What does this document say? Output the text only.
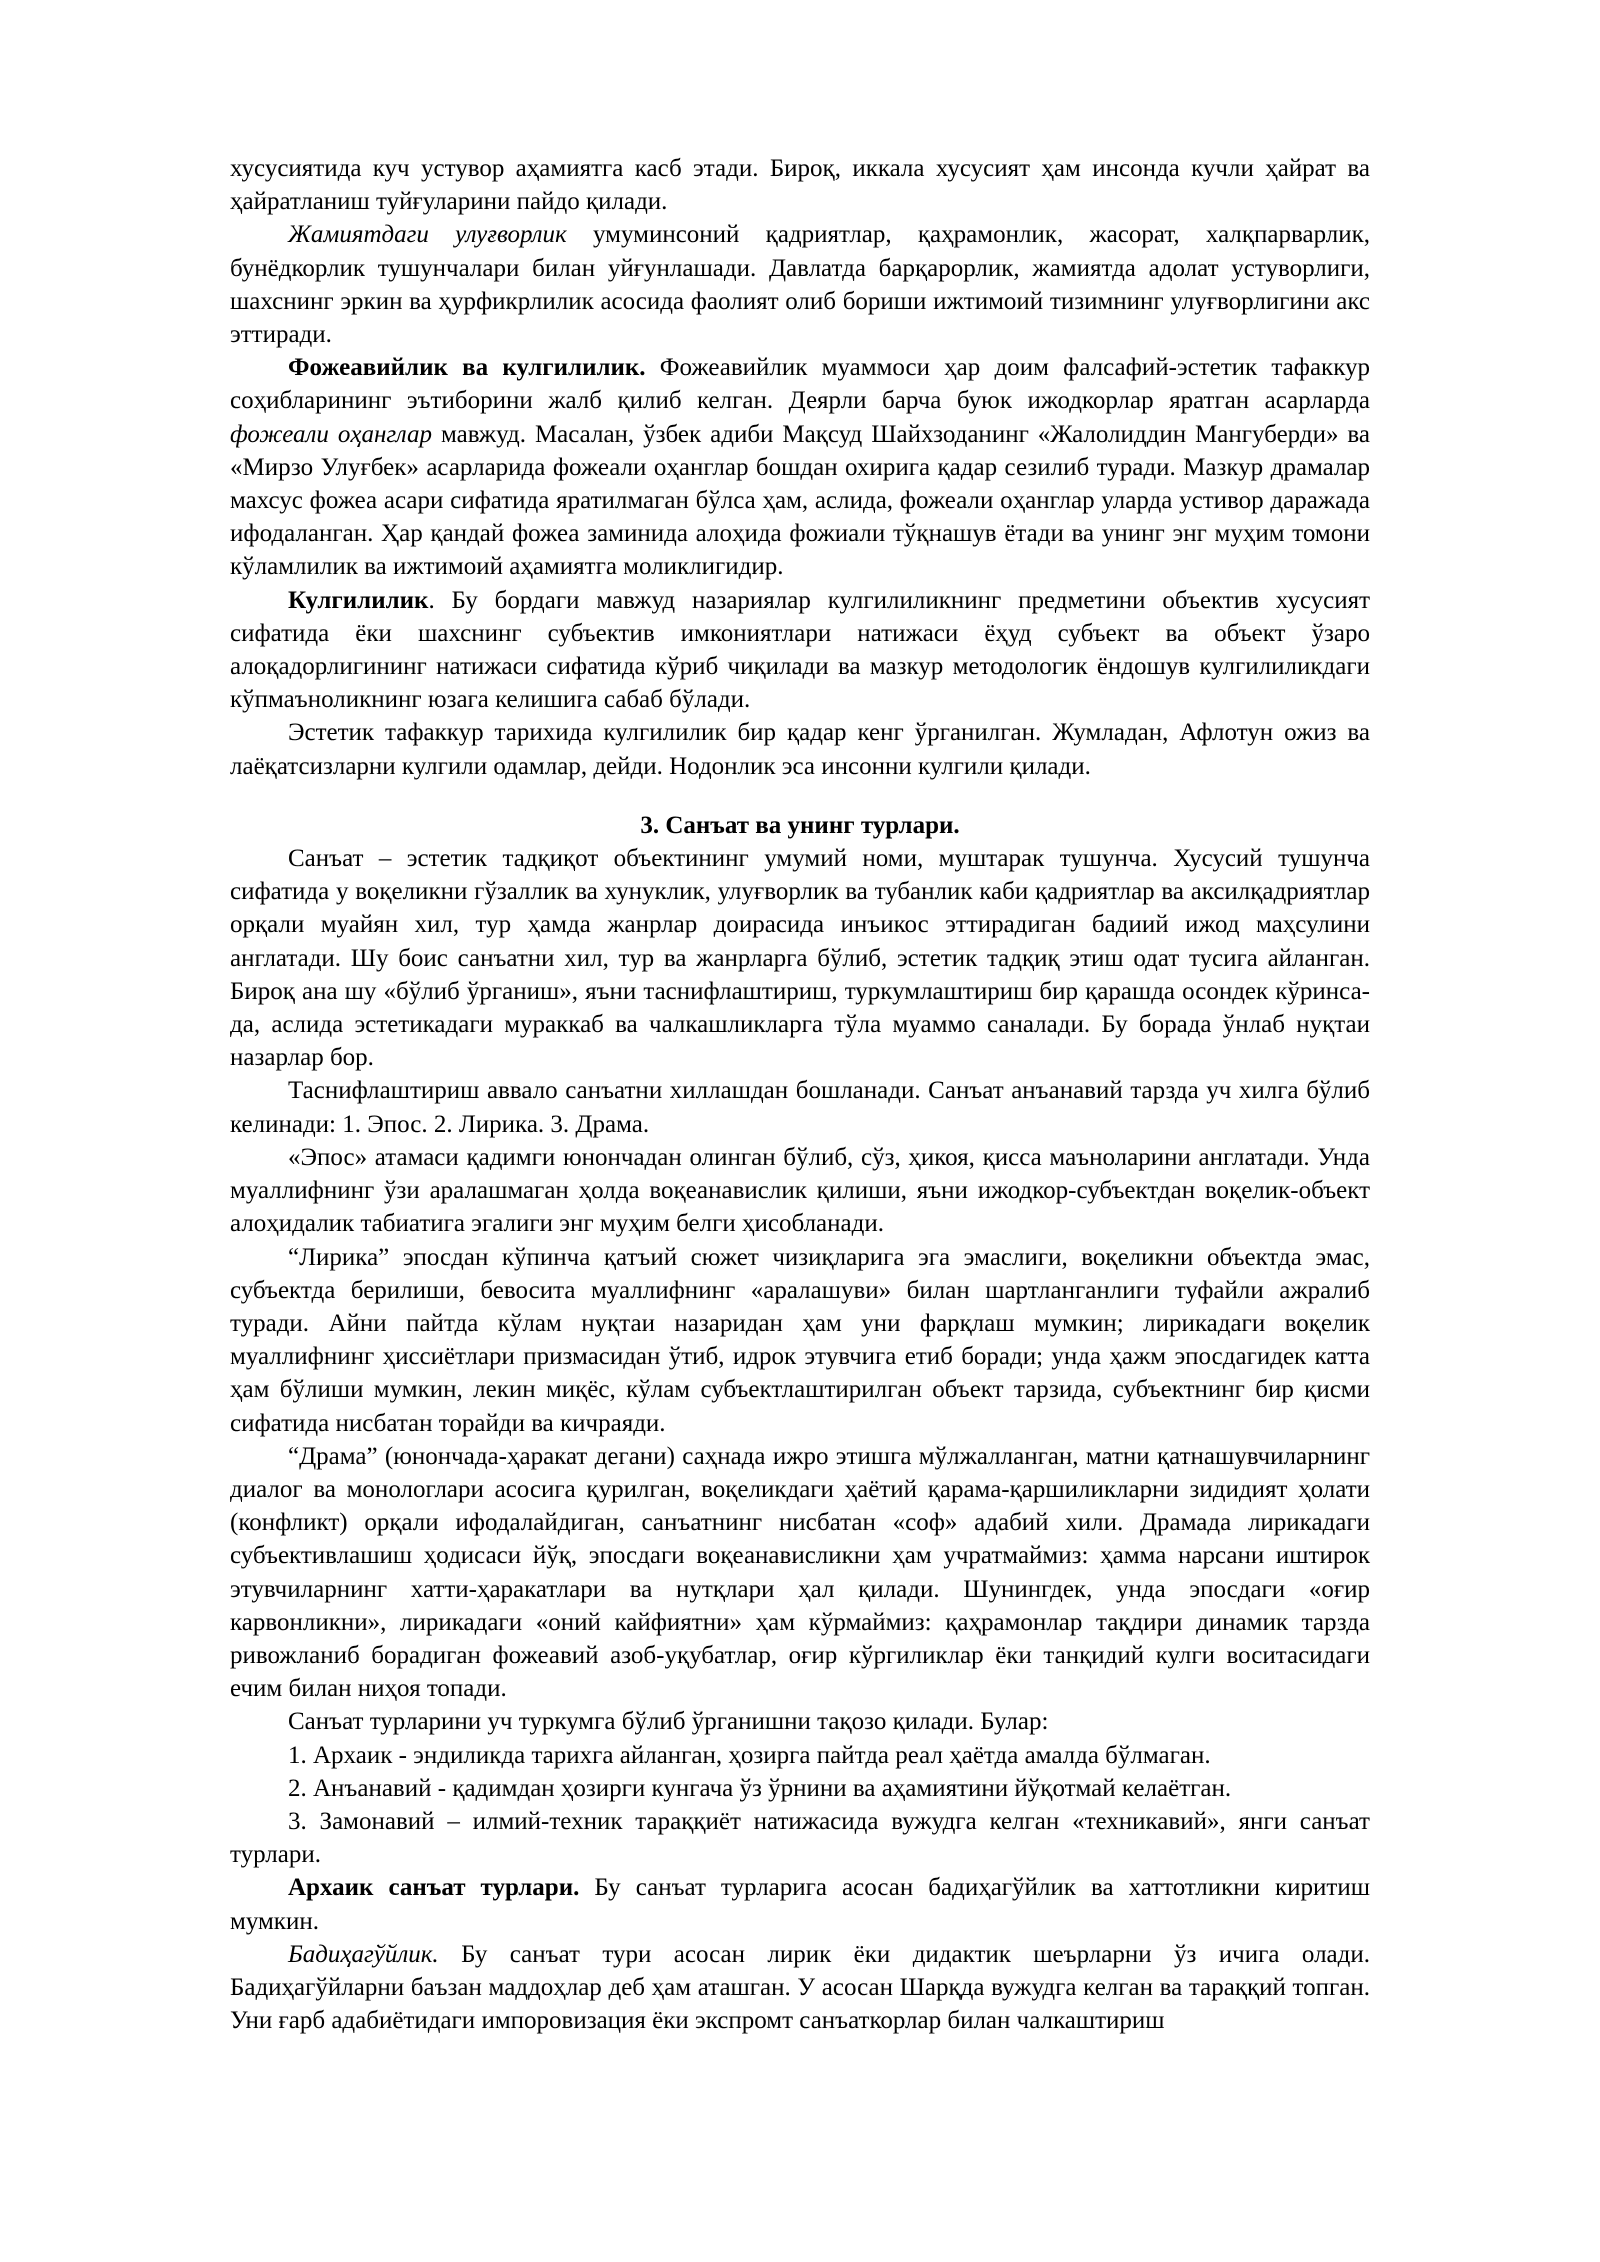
хусусиятида куч устувор аҳамиятга касб этади. Бироқ, иккала хусусият ҳам инсонда кучли ҳайрат ва ҳайратланиш туйғуларини пайдо қилади.

Жамиятдаги улуғворлик умуминсоний қадриятлар, қаҳрамонлик, жасорат, халқпарварлик, бунёдкорлик тушунчалари билан уйғунлашади. Давлатда барқарорлик, жамиятда адолат устуворлиги, шахснинг эркин ва ҳурфикрлилик асосида фаолият олиб бориши ижтимоий тизимнинг улуғворлигини акс эттиради.

Фожеавийлик ва кулгилилик. Фожеавийлик муаммоси ҳар доим фалсафий-эстетик тафаккур соҳибларининг эътиборини жалб қилиб келган. Деярли барча буюк ижодкорлар яратган асарларда фожеали оҳанглар мавжуд. Масалан, ўзбек адиби Мақсуд Шайхзоданинг «Жалолиддин Мангуберди» ва «Мирзо Улуғбек» асарларида фожеали оҳанглар бошдан охирига қадар сезилиб туради. Мазкур драмалар махсус фожеа асари сифатида яратилмаган бўлса ҳам, аслида, фожеали оҳанглар уларда устивор даражада ифодаланган. Ҳар қандай фожеа заминида алоҳида фожиали тўқнашув ётади ва унинг энг муҳим томони кўламлилик ва ижтимоий аҳамиятга моликлигидир.

Кулгилилик. Бу бордаги мавжуд назариялар кулгилиликнинг предметини объектив хусусият сифатида ёки шахснинг субъектив имкониятлари натижаси ёҳуд субъект ва объект ўзаро алоқадорлигининг натижаси сифатида кўриб чиқилади ва мазкур методологик ёндошув кулгилиликдаги кўпмаъноликнинг юзага келишига сабаб бўлади.

Эстетик тафаккур тарихида кулгилилик бир қадар кенг ўрганилган. Жумладан, Афлотун ожиз ва лаёқатсизларни кулгили одамлар, дейди. Нодонлик эса инсонни кулгили қилади.

3. Санъат ва унинг турлари.

Санъат – эстетик тадқиқот объектининг умумий номи, муштарак тушунча. Хусусий тушунча сифатида у воқеликни гўзаллик ва хунуклик, улуғворлик ва тубанлик каби қадриятлар ва аксилқадриятлар орқали муайян хил, тур ҳамда жанрлар доирасида инъикос эттирадиган бадиий ижод маҳсулини англатади. Шу боис санъатни хил, тур ва жанрларга бўлиб, эстетик тадқиқ этиш одат тусига айланган. Бироқ ана шу «бўлиб ўрганиш», яъни таснифлаштириш, туркумлаштириш бир қарашда осондек кўринса-да, аслида эстетикадаги мураккаб ва чалкашликларга тўла муаммо саналади. Бу борада ўнлаб нуқтаи назарлар бор.

Таснифлаштириш аввало санъатни хиллашдан бошланади. Санъат анъанавий тарзда уч хилга бўлиб келинади: 1. Эпос. 2. Лирика. 3. Драма.

«Эпос» атамаси қадимги юнончадан олинган бўлиб, сўз, ҳикоя, қисса маъноларини англатади. Унда муаллифнинг ўзи аралашмаган ҳолда воқеанавислик қилиши, яъни ижодкор-субъектдан воқелик-объект алоҳидалик табиатига эгалиги энг муҳим белги ҳисобланади.

“Лирика” эпосдан кўпинча қатъий сюжет чизиқларига эга эмаслиги, воқеликни объектда эмас, субъектда берилиши, бевосита муаллифнинг «аралашуви» билан шартланганлиги туфайли ажралиб туради. Айни пайтда кўлам нуқтаи назаридан ҳам уни фарқлаш мумкин; лирикадаги воқелик муаллифнинг ҳиссиётлари призмасидан ўтиб, идрок этувчига етиб боради; унда ҳажм эпосдагидек катта ҳам бўлиши мумкин, лекин миқёс, кўлам субъектлаштирилган объект тарзида, субъектнинг бир қисми сифатида нисбатан торайди ва кичраяди.

“Драма” (юнончада-ҳаракат дегани) саҳнада ижро этишга мўлжалланган, матни қатнашувчиларнинг диалог ва монологлари асосига қурилган, воқеликдаги ҳаётий қарама-қаршиликларни зидидият ҳолати (конфликт) орқали ифодалайдиган, санъатнинг нисбатан «соф» адабий хили. Драмада лирикадаги субъективлашиш ҳодисаси йўқ, эпосдаги воқеанависликни ҳам учратмаймиз: ҳамма нарсани иштирок этувчиларнинг хатти-ҳаракатлари ва нутқлари ҳал қилади. Шунингдек, унда эпосдаги «оғир карвонликни», лирикадаги «оний кайфиятни» ҳам кўрмаймиз: қаҳрамонлар тақдири динамик тарзда ривожланиб борадиган фожеавий азоб-уқубатлар, оғир кўргиликлар ёки танқидий кулги воситасидаги ечим билан ниҳоя топади.

Санъат турларини уч туркумга бўлиб ўрганишни тақозо қилади. Булар:

1. Архаик - эндиликда тарихга айланган, ҳозирга пайтда реал ҳаётда амалда бўлмаган.

2. Анъанавий - қадимдан ҳозирги кунгача ўз ўрнини ва аҳамиятини йўқотмай келаётган.

3. Замонавий – илмий-техник тараққиёт натижасида вужудга келган «техникавий», янги санъат турлари.

Архаик санъат турлари. Бу санъат турларига асосан бадиҳагўйлик ва хаттотликни киритиш мумкин.

Бадиҳагўйлик. Бу санъат тури асосан лирик ёки дидактик шеърларни ўз ичига олади. Бадиҳагўйларни баъзан маддоҳлар деб ҳам аташган. У асосан Шарқда вужудга келган ва тараққий топган. Уни ғарб адабиётидаги импоровизация ёки экспромт санъаткорлар билан чалкаштириш
